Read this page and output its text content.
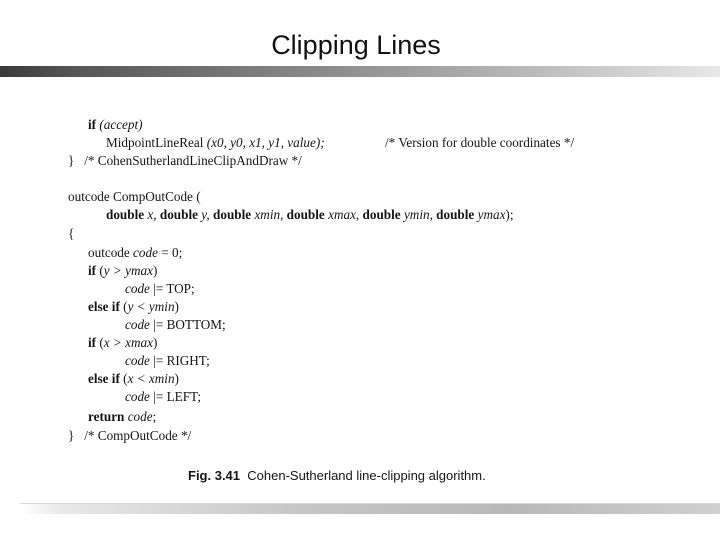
Clipping Lines
if (accept)
MidpointLineReal (x0, y0, x1, y1, value);	/* Version for double coordinates */
} /* CohenSutherlandLineClipAndDraw */
outcode CompOutCode (
double x, double y, double xmin, double xmax, double ymin, double ymax);
{
outcode code = 0;
if (y > ymax)
code |= TOP;
else if (y < ymin)
code |= BOTTOM;
if (x > xmax)
code |= RIGHT;
else if (x < xmin)
code |= LEFT;
return code;
} /* CompOutCode */
Fig. 3.41  Cohen-Sutherland line-clipping algorithm.
